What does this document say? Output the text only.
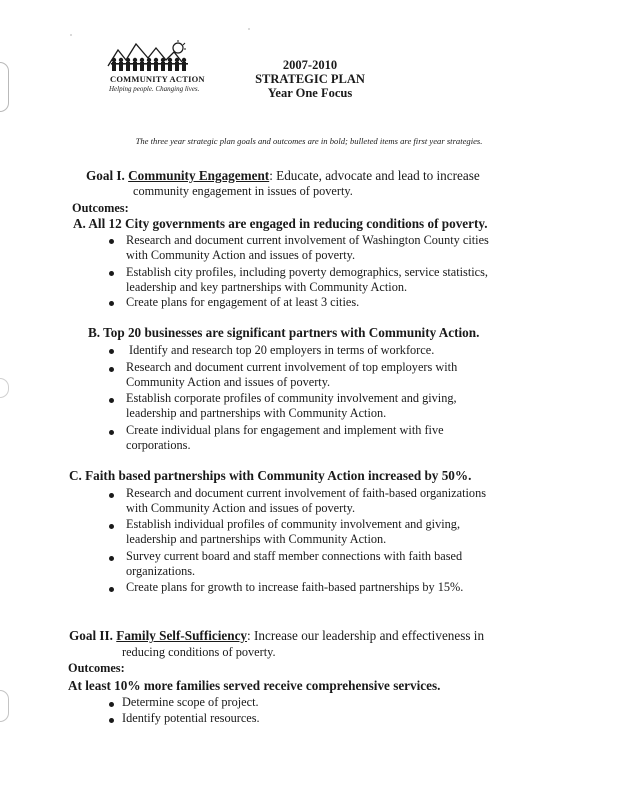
COMMUNITY ACTION
Helping people. Changing lives.
2007-2010
STRATEGIC PLAN
Year One Focus
The three year strategic plan goals and outcomes are in bold; bulleted items are first year strategies.
Goal I. Community Engagement: Educate, advocate and lead to increase
community engagement in issues of poverty.
Outcomes:
A. All 12 City governments are engaged in reducing conditions of poverty.
Research and document current involvement of Washington County cities
with Community Action and issues of poverty.
Establish city profiles, including poverty demographics, service statistics,
leadership and key partnerships with Community Action.
Create plans for engagement of at least 3 cities.
B. Top 20 businesses are significant partners with Community Action.
Identify and research top 20 employers in terms of workforce.
Research and document current involvement of top employers with
Community Action and issues of poverty.
Establish corporate profiles of community involvement and giving,
leadership and partnerships with Community Action.
Create individual plans for engagement and implement with five
corporations.
C. Faith based partnerships with Community Action increased by 50%.
Research and document current involvement of faith-based organizations
with Community Action and issues of poverty.
Establish individual profiles of community involvement and giving,
leadership and partnerships with Community Action.
Survey current board and staff member connections with faith based
organizations.
Create plans for growth to increase faith-based partnerships by 15%.
Goal II. Family Self-Sufficiency: Increase our leadership and effectiveness in
reducing conditions of poverty.
Outcomes:
At least 10% more families served receive comprehensive services.
Determine scope of project.
Identify potential resources.
